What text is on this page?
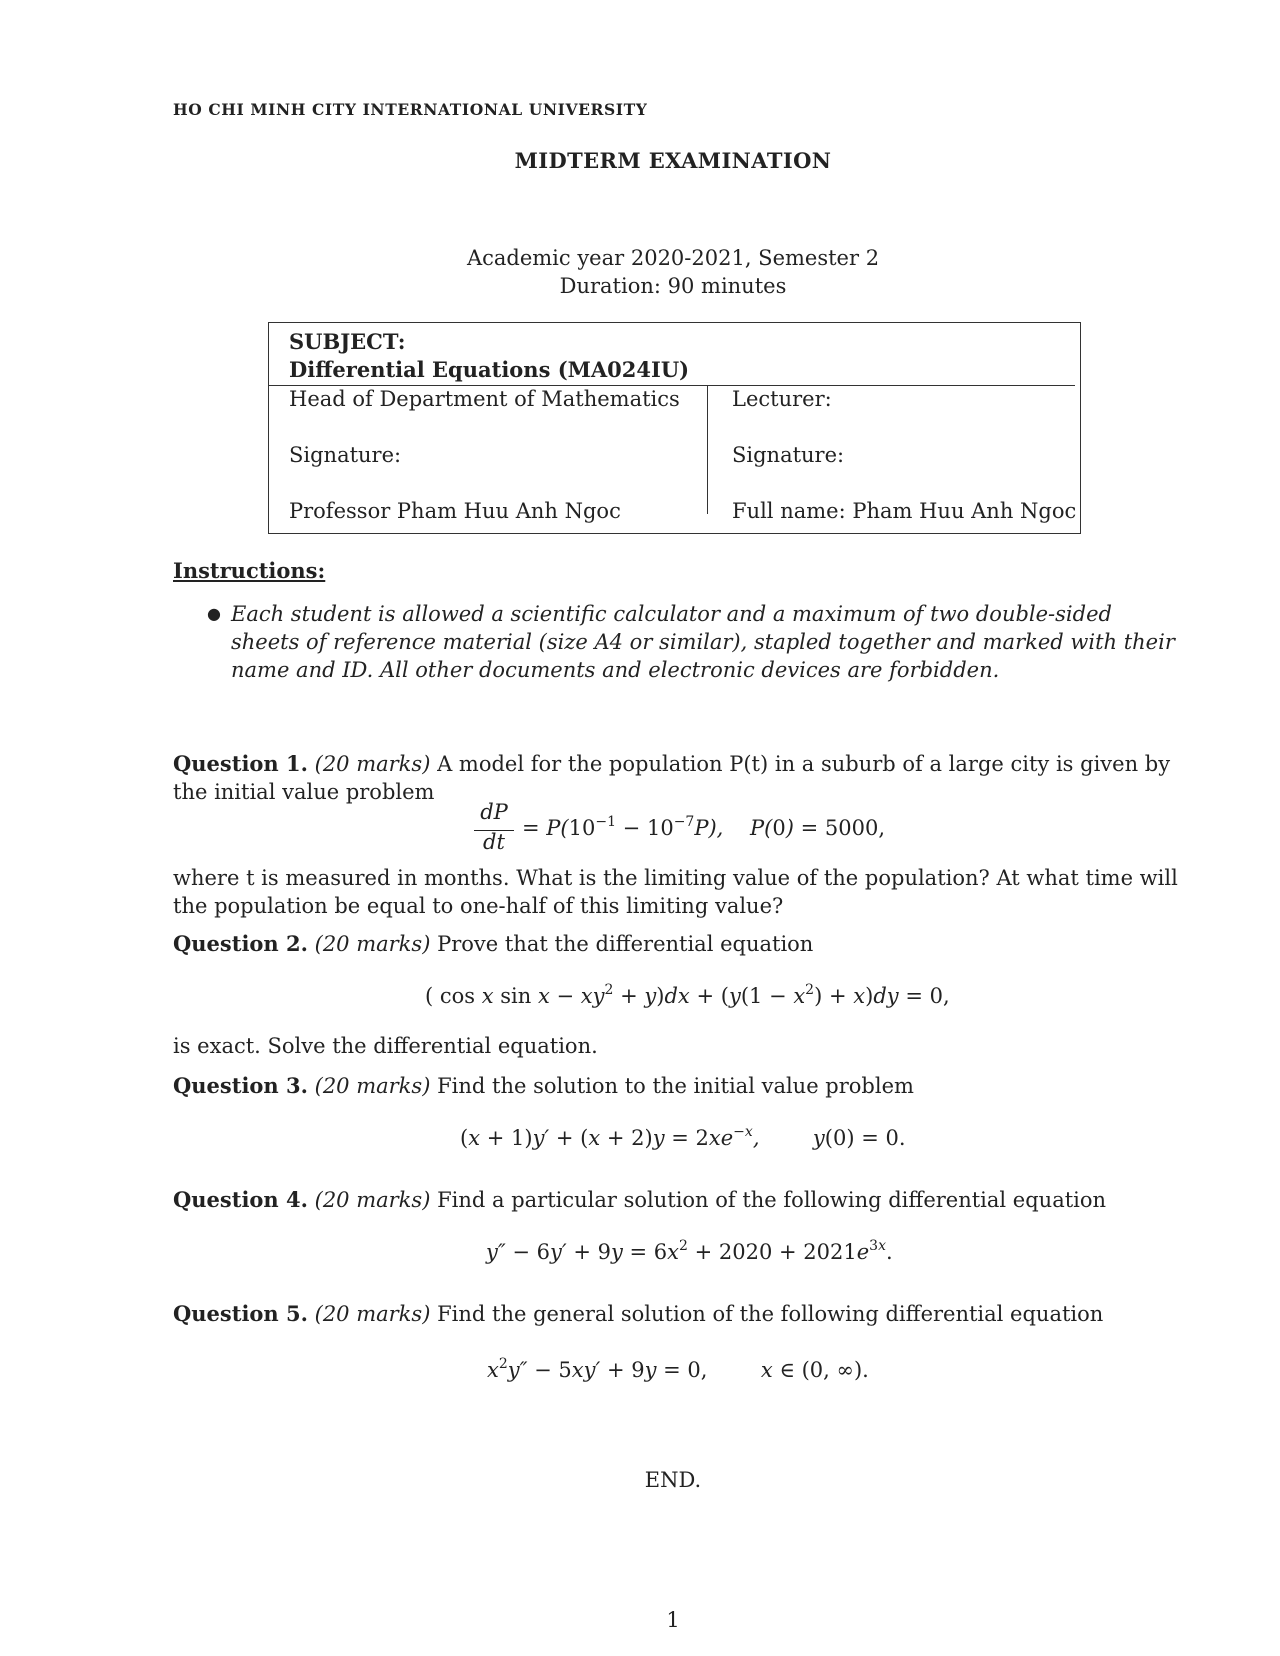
HO CHI MINH CITY INTERNATIONAL UNIVERSITY
MIDTERM EXAMINATION
Academic year 2020-2021, Semester 2
Duration: 90 minutes
SUBJECT:
Differential Equations (MA024IU)
Head of Department of Mathematics
Signature:
Professor Pham Huu Anh Ngoc
Lecturer:
Signature:
Full name: Pham Huu Anh Ngoc
Instructions:
● Each student is allowed a scientific calculator and a maximum of two double-sided sheets of reference material (size A4 or similar), stapled together and marked with their name and ID. All other documents and electronic devices are forbidden.
Question 1. (20 marks) A model for the population P(t) in a suburb of a large city is given by the initial value problem
dP
dt
= $P(10^{-1} - 10^{-7}P)$,    P(0) = 5000,
where t is measured in months. What is the limiting value of the population? At what time will the population be equal to one-half of this limiting value?
Question 2. (20 marks) Prove that the differential equation
( cos x $\sin x - xy^2 + y)dx + (y(1 - x^2) + x)dy = 0$,
is exact. Solve the differential equation.
Question 3. (20 marks) Find the solution to the initial value problem
$(x + 1)y' + (x + 2)y = 2xe^{-x}$,        y(0) = 0.
Question 4. (20 marks) Find a particular solution of the following differential equation
$y'' - 6y' + 9y = 6x^2 + 2020 + 2021e^{3x}$.
Question 5. (20 marks) Find the general solution of the following differential equation
$x^2y'' - 5xy' + 9y = 0$,        x ∈ (0, ∞).
END.
1
